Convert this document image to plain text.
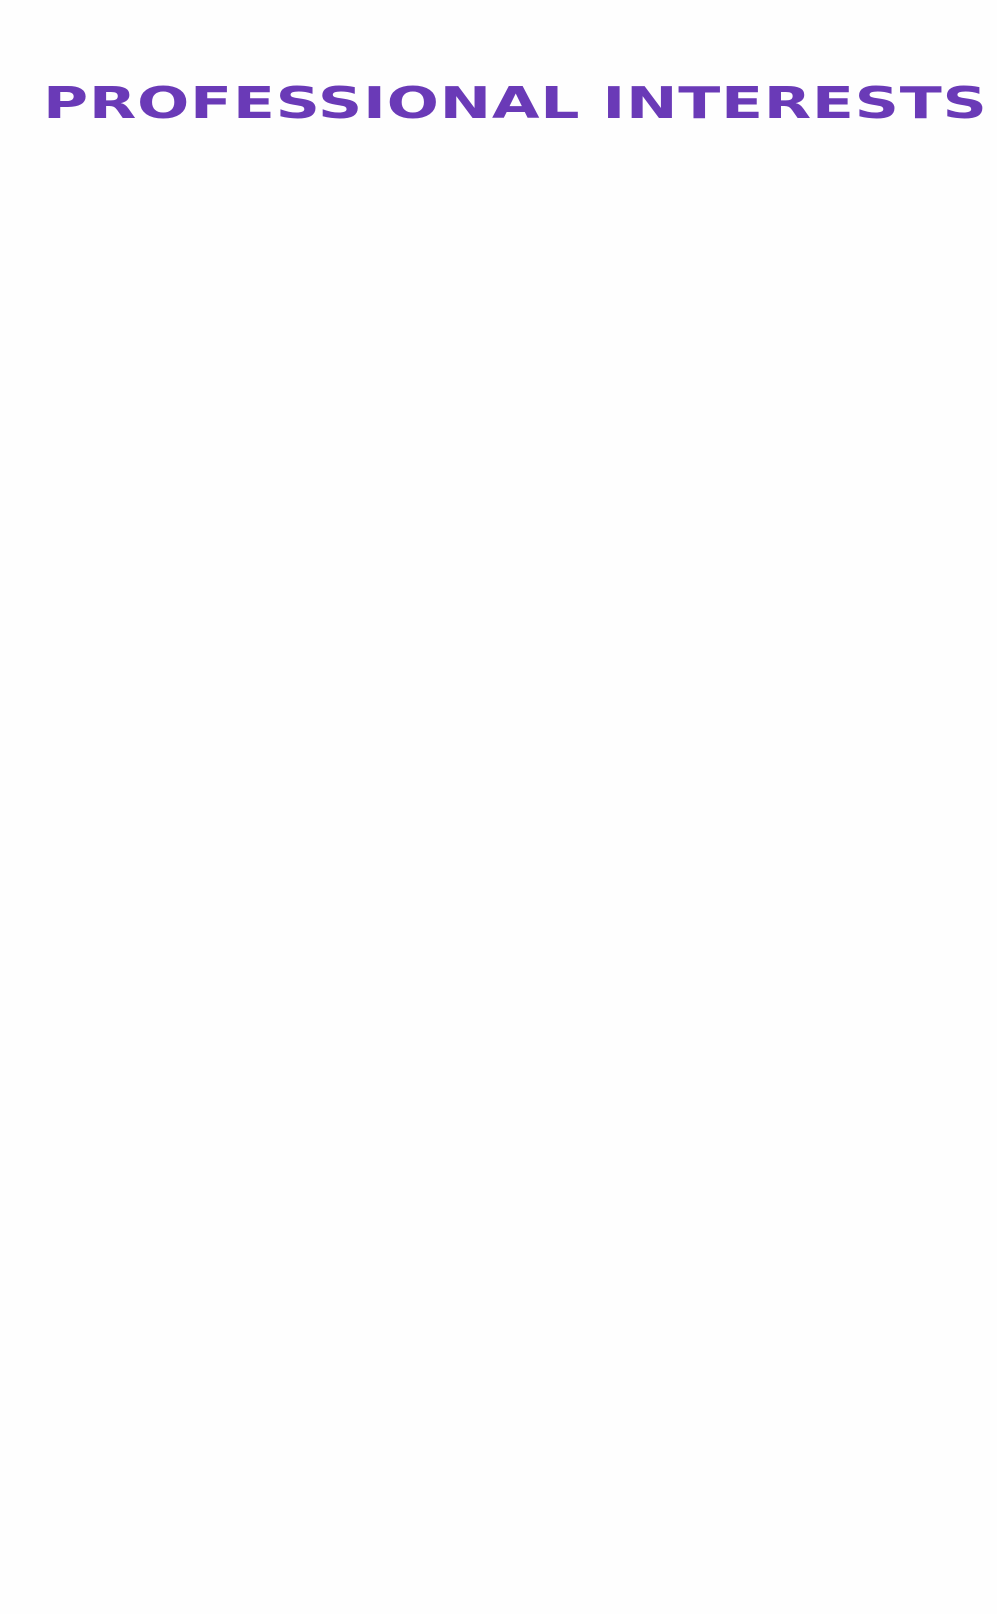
PROFESSIONAL INTERESTS
